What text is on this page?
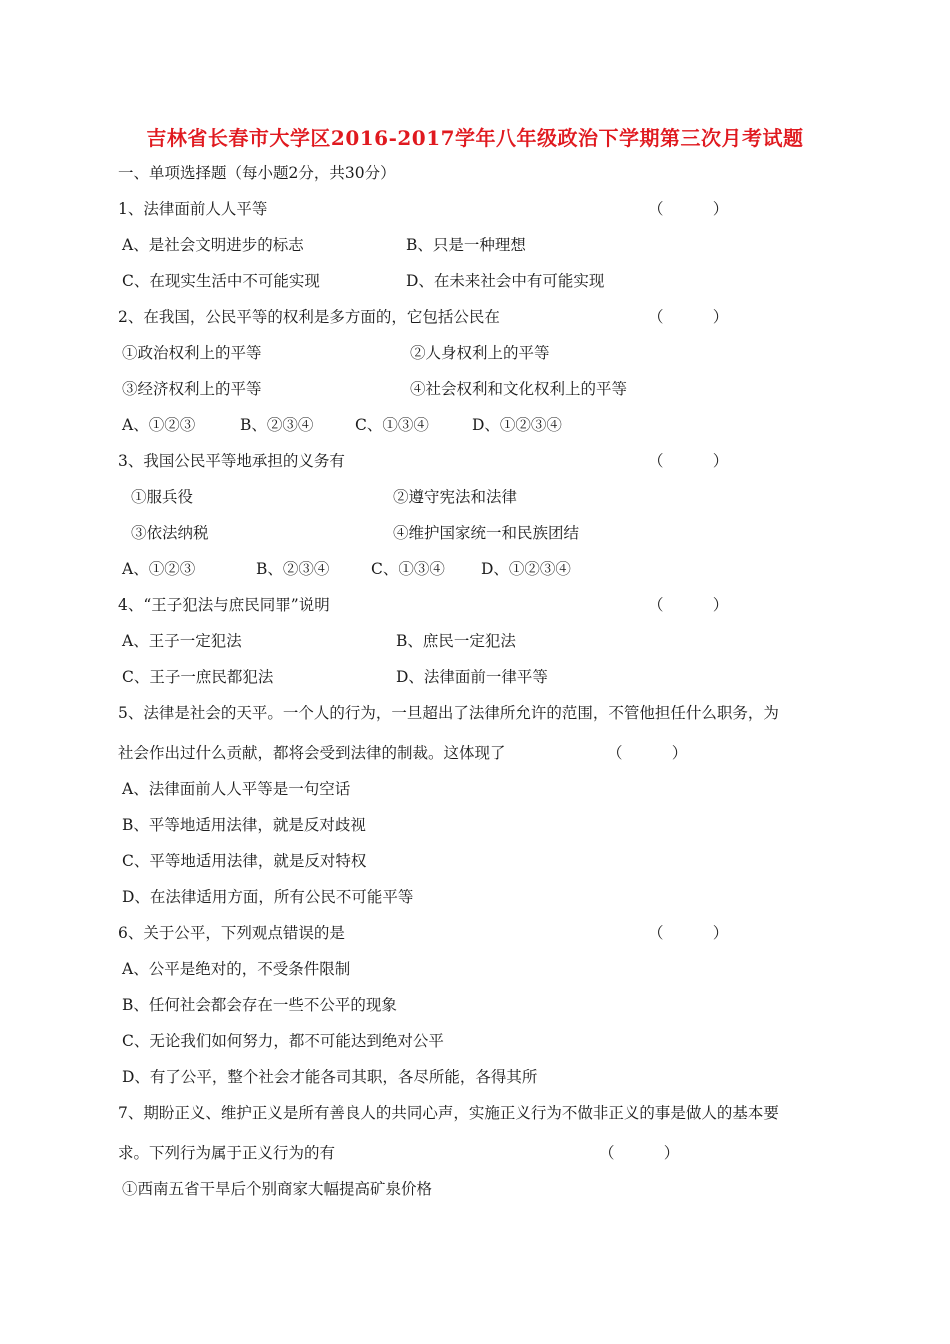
吉林省长春市大学区2016-2017学年八年级政治下学期第三次月考试题
一、单项选择题（每小题2分，共30分）
1、法律面前人人平等	（          ）
A、是社会文明进步的标志	B、只是一种理想
C、在现实生活中不可能实现	D、在未来社会中有可能实现
2、在我国，公民平等的权利是多方面的，它包括公民在	（          ）
①政治权利上的平等	②人身权利上的平等
③经济权利上的平等	④社会权利和文化权利上的平等
A、①②③	B、②③④	C、①③④	D、①②③④
3、我国公民平等地承担的义务有	（          ）
①服兵役	②遵守宪法和法律
③依法纳税	④维护国家统一和民族团结
A、①②③	B、②③④	C、①③④ D、①②③④
4、“王子犯法与庶民同罪”说明	（          ）
A、王子一定犯法	B、庶民一定犯法
C、王子一庶民都犯法	D、法律面前一律平等
5、法律是社会的天平。一个人的行为，一旦超出了法律所允许的范围，不管他担任什么职务，为
社会作出过什么贡献，都将会受到法律的制裁。这体现了	（          ）
A、法律面前人人平等是一句空话
B、平等地适用法律，就是反对歧视
C、平等地适用法律，就是反对特权
D、在法律适用方面，所有公民不可能平等
6、关于公平，下列观点错误的是	（          ）
A、公平是绝对的，不受条件限制
B、任何社会都会存在一些不公平的现象
C、无论我们如何努力，都不可能达到绝对公平
D、有了公平，整个社会才能各司其职，各尽所能，各得其所
7、期盼正义、维护正义是所有善良人的共同心声，实施正义行为不做非正义的事是做人的基本要
求。下列行为属于正义行为的有	（          ）
①西南五省干旱后个别商家大幅提高矿泉价格
